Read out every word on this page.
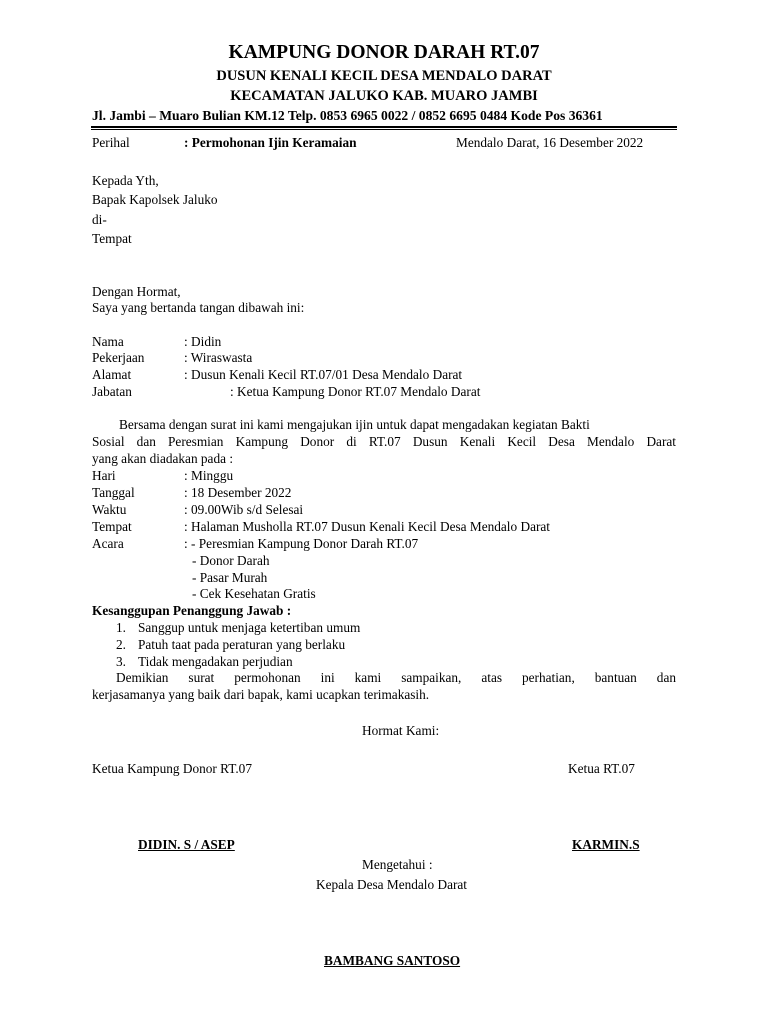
KAMPUNG DONOR DARAH RT.07
DUSUN KENALI KECIL DESA MENDALO DARAT
KECAMATAN JALUKO KAB. MUARO JAMBI
Jl. Jambi – Muaro Bulian KM.12 Telp. 0853 6965 0022 / 0852 6695 0484 Kode Pos 36361
Perihal	: Permohonan Ijin Keramaian	Mendalo Darat, 16 Desember 2022
Kepada Yth,
Bapak Kapolsek Jaluko
di-
Tempat
Dengan Hormat,
Saya yang bertanda tangan dibawah ini:
Nama	: Didin
Pekerjaan	: Wiraswasta
Alamat	: Dusun Kenali Kecil RT.07/01 Desa Mendalo Darat
Jabatan	: Ketua Kampung Donor RT.07 Mendalo Darat
Bersama dengan surat ini kami mengajukan ijin untuk dapat mengadakan kegiatan Bakti
Sosial dan Peresmian Kampung Donor di RT.07 Dusun Kenali Kecil Desa Mendalo Darat
yang akan diadakan pada :
Hari	: Minggu
Tanggal	: 18 Desember 2022
Waktu	: 09.00Wib s/d Selesai
Tempat	: Halaman Musholla RT.07 Dusun Kenali Kecil Desa Mendalo Darat
Acara	: - Peresmian Kampung Donor Darah RT.07
- Donor Darah
- Pasar Murah
- Cek Kesehatan Gratis
Kesanggupan Penanggung Jawab :
1. Sanggup untuk menjaga ketertiban umum
2. Patuh taat pada peraturan yang berlaku
3. Tidak mengadakan perjudian
Demikian surat permohonan ini kami sampaikan, atas perhatian, bantuan dan
kerjasamanya yang baik dari bapak, kami ucapkan terimakasih.
Hormat Kami:
Ketua Kampung Donor RT.07	Ketua RT.07
DIDIN. S / ASEP	KARMIN.S
Mengetahui :
Kepala Desa Mendalo Darat
BAMBANG SANTOSO
